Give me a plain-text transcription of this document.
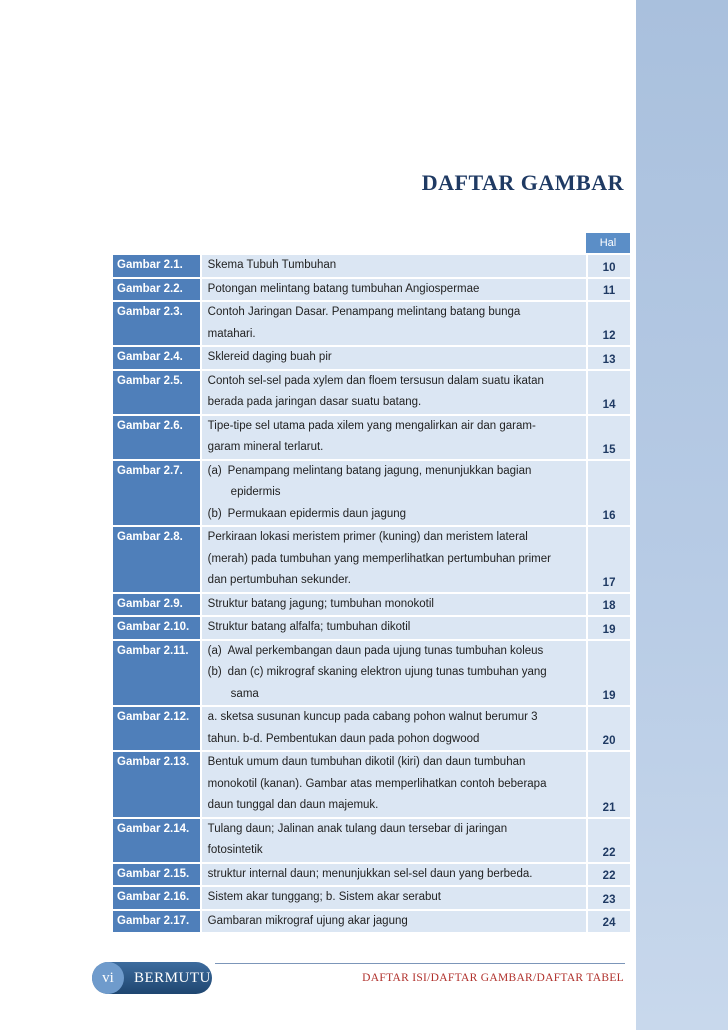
DAFTAR GAMBAR
Hal
Gambar 2.1.	Skema Tubuh Tumbuhan	10
Gambar 2.2.	Potongan melintang batang tumbuhan Angiospermae	11
Gambar 2.3.	Contoh Jaringan Dasar. Penampang melintang batang bunga
matahari.	12
Gambar 2.4.	Sklereid daging buah pir	13
Gambar 2.5.	Contoh sel-sel pada xylem dan floem tersusun dalam suatu ikatan
berada pada jaringan dasar suatu batang.	14
Gambar 2.6.	Tipe-tipe sel utama pada xilem yang mengalirkan air dan garam-
garam mineral terlarut.	15
Gambar 2.7.	(a) Penampang melintang batang jagung, menunjukkan bagian
epidermis
(b) Permukaan epidermis daun jagung	16
Gambar 2.8.	Perkiraan lokasi meristem primer (kuning) dan meristem lateral
(merah) pada tumbuhan yang memperlihatkan pertumbuhan primer
dan pertumbuhan sekunder.	17
Gambar 2.9.	Struktur batang jagung; tumbuhan monokotil	18
Gambar 2.10.	Struktur batang alfalfa; tumbuhan dikotil	19
Gambar 2.11.	(a) Awal perkembangan daun pada ujung tunas tumbuhan koleus
(b) dan (c) mikrograf skaning elektron ujung tunas tumbuhan yang
sama	19
Gambar 2.12.	a. sketsa susunan kuncup pada cabang pohon walnut berumur 3
tahun. b-d. Pembentukan daun pada pohon dogwood	20
Gambar 2.13.	Bentuk umum daun tumbuhan dikotil (kiri) dan daun tumbuhan
monokotil (kanan). Gambar atas memperlihatkan contoh beberapa
daun tunggal dan daun majemuk.	21
Gambar 2.14.	Tulang daun; Jalinan anak tulang daun tersebar di jaringan
fotosintetik	22
Gambar 2.15.	struktur internal daun; menunjukkan sel-sel daun yang berbeda.	22
Gambar 2.16.	Sistem akar tunggang; b. Sistem akar serabut	23
Gambar 2.17.	Gambaran mikrograf ujung akar jagung	24
vi	BERMUTU	DAFTAR ISI/DAFTAR GAMBAR/DAFTAR TABEL
